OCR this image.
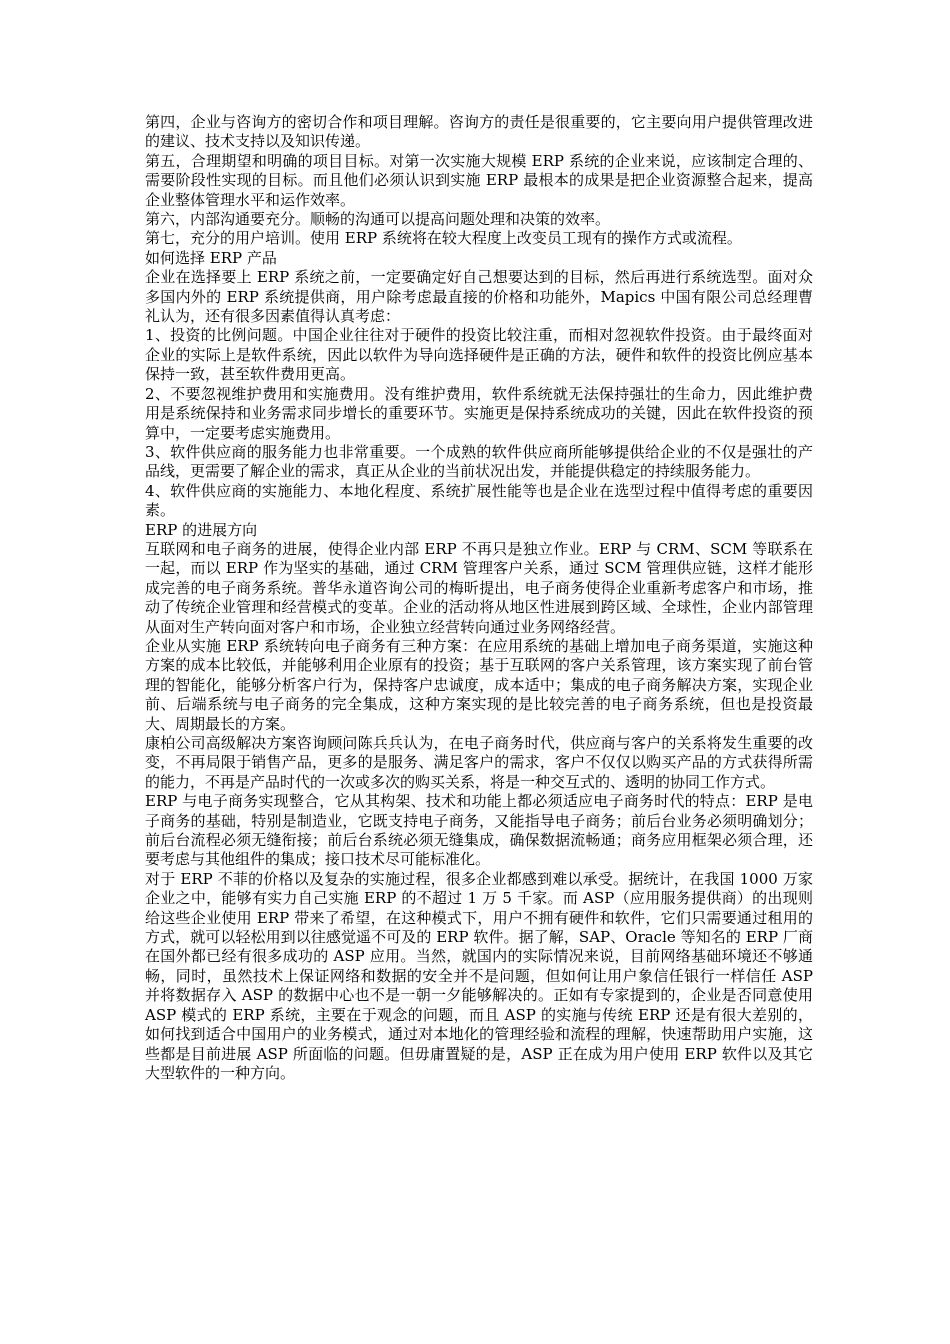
第四，企业与咨询方的密切合作和项目理解。咨询方的责任是很重要的，它主要向用户提供管理改进的建议、技术支持以及知识传递。

第五，合理期望和明确的项目目标。对第一次实施大规模 ERP 系统的企业来说，应该制定合理的、需要阶段性实现的目标。而且他们必须认识到实施 ERP 最根本的成果是把企业资源整合起来，提高企业整体管理水平和运作效率。

第六，内部沟通要充分。顺畅的沟通可以提高问题处理和决策的效率。

第七，充分的用户培训。使用 ERP 系统将在较大程度上改变员工现有的操作方式或流程。

如何选择 ERP 产品

企业在选择要上 ERP 系统之前，一定要确定好自己想要达到的目标，然后再进行系统选型。面对众多国内外的 ERP 系统提供商，用户除考虑最直接的价格和功能外，Mapics 中国有限公司总经理曹礼认为，还有很多因素值得认真考虑：

1、投资的比例问题。中国企业往往对于硬件的投资比较注重，而相对忽视软件投资。由于最终面对企业的实际上是软件系统，因此以软件为导向选择硬件是正确的方法，硬件和软件的投资比例应基本保持一致，甚至软件费用更高。

2、不要忽视维护费用和实施费用。没有维护费用，软件系统就无法保持强壮的生命力，因此维护费用是系统保持和业务需求同步增长的重要环节。实施更是保持系统成功的关键，因此在软件投资的预算中，一定要考虑实施费用。

3、软件供应商的服务能力也非常重要。一个成熟的软件供应商所能够提供给企业的不仅是强壮的产品线，更需要了解企业的需求，真正从企业的当前状况出发，并能提供稳定的持续服务能力。

4、软件供应商的实施能力、本地化程度、系统扩展性能等也是企业在选型过程中值得考虑的重要因素。

ERP 的进展方向

互联网和电子商务的进展，使得企业内部 ERP 不再只是独立作业。ERP 与 CRM、SCM 等联系在一起，而以 ERP 作为坚实的基础，通过 CRM 管理客户关系，通过 SCM 管理供应链，这样才能形成完善的电子商务系统。普华永道咨询公司的梅昕提出，电子商务使得企业重新考虑客户和市场，推动了传统企业管理和经营模式的变革。企业的活动将从地区性进展到跨区域、全球性，企业内部管理从面对生产转向面对客户和市场，企业独立经营转向通过业务网络经营。

企业从实施 ERP 系统转向电子商务有三种方案：在应用系统的基础上增加电子商务渠道，实施这种方案的成本比较低，并能够利用企业原有的投资；基于互联网的客户关系管理，该方案实现了前台管理的智能化，能够分析客户行为，保持客户忠诚度，成本适中；集成的电子商务解决方案，实现企业前、后端系统与电子商务的完全集成，这种方案实现的是比较完善的电子商务系统，但也是投资最大、周期最长的方案。

康柏公司高级解决方案咨询顾问陈兵兵认为，在电子商务时代，供应商与客户的关系将发生重要的改变，不再局限于销售产品，更多的是服务、满足客户的需求，客户不仅仅以购买产品的方式获得所需的能力，不再是产品时代的一次或多次的购买关系，将是一种交互式的、透明的协同工作方式。

ERP 与电子商务实现整合，它从其构架、技术和功能上都必须适应电子商务时代的特点：ERP 是电子商务的基础，特别是制造业，它既支持电子商务，又能指导电子商务；前后台业务必须明确划分；前后台流程必须无缝衔接；前后台系统必须无缝集成，确保数据流畅通；商务应用框架必须合理，还要考虑与其他组件的集成；接口技术尽可能标准化。

对于 ERP 不菲的价格以及复杂的实施过程，很多企业都感到难以承受。据统计，在我国 1000 万家企业之中，能够有实力自己实施 ERP 的不超过 1 万 5 千家。而 ASP（应用服务提供商）的出现则给这些企业使用 ERP 带来了希望，在这种模式下，用户不拥有硬件和软件，它们只需要通过租用的方式，就可以轻松用到以往感觉遥不可及的 ERP 软件。据了解，SAP、Oracle 等知名的 ERP 厂商在国外都已经有很多成功的 ASP 应用。当然，就国内的实际情况来说，目前网络基础环境还不够通畅，同时，虽然技术上保证网络和数据的安全并不是问题，但如何让用户象信任银行一样信任 ASP 并将数据存入 ASP 的数据中心也不是一朝一夕能够解决的。正如有专家提到的，企业是否同意使用 ASP 模式的 ERP 系统，主要在于观念的问题，而且 ASP 的实施与传统 ERP 还是有很大差别的，如何找到适合中国用户的业务模式，通过对本地化的管理经验和流程的理解，快速帮助用户实施，这些都是目前进展 ASP 所面临的问题。但毋庸置疑的是，ASP 正在成为用户使用 ERP 软件以及其它大型软件的一种方向。
